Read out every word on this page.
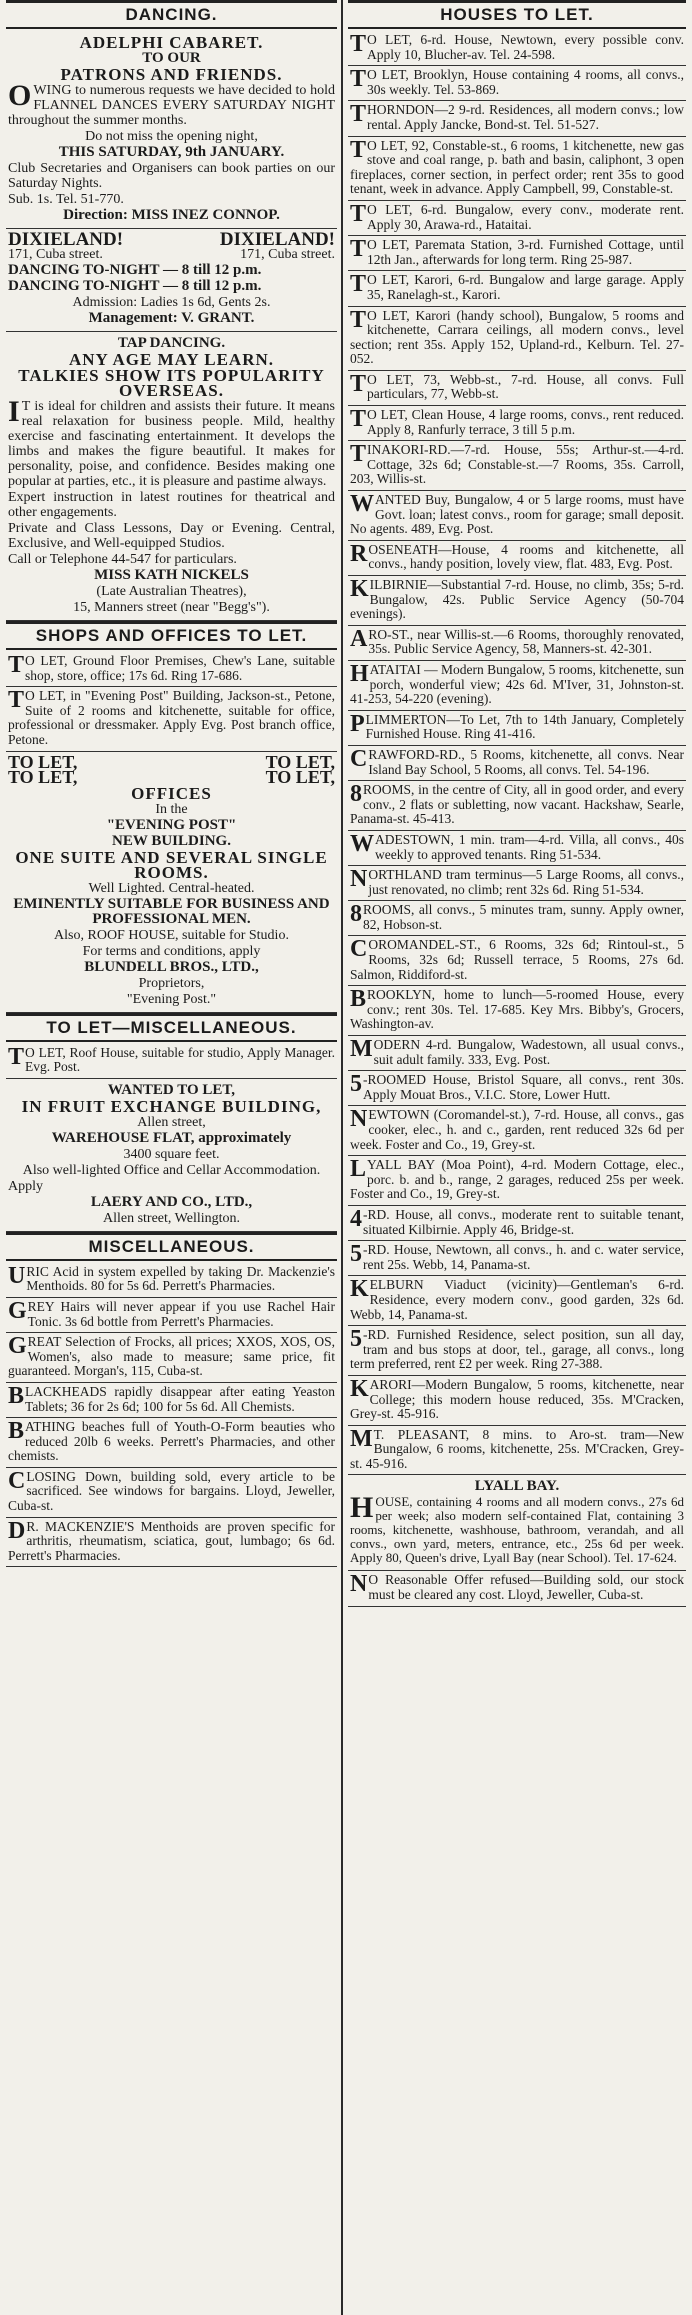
DANCING.

ADELPHI CABARET.

TO OUR

PATRONS AND FRIENDS.

OWING to numerous requests we have decided to hold FLANNEL DANCES EVERY SATURDAY NIGHT throughout the summer months.

Do not miss the opening night,

THIS SATURDAY, 9th JANUARY.

Club Secretaries and Organisers can book parties on our Saturday Nights.

Sub. 1s. Tel. 51-770.

Direction: MISS INEZ CONNOP.

DIXIELAND!	DIXIELAND!
171, Cuba street.	171, Cuba street.

DANCING TO-NIGHT — 8 till 12 p.m.

DANCING TO-NIGHT — 8 till 12 p.m.

Admission: Ladies 1s 6d, Gents 2s.

Management: V. GRANT.

TAP DANCING.

ANY AGE MAY LEARN.

TALKIES SHOW ITS POPULARITY OVERSEAS.

IT is ideal for children and assists their future. It means real relaxation for business people. Mild, healthy exercise and fascinating entertainment. It develops the limbs and makes the figure beautiful. It makes for personality, poise, and confidence. Besides making one popular at parties, etc., it is pleasure and pastime always.

Expert instruction in latest routines for theatrical and other engagements.

Private and Class Lessons, Day or Evening. Central, Exclusive, and Well-equipped Studios.

Call or Telephone 44-547 for particulars.

MISS KATH NICKELS

(Late Australian Theatres),

15, Manners street (near "Begg's").

SHOPS AND OFFICES TO LET.
TO LET, Ground Floor Premises, Chew's Lane, suitable shop, store, office; 17s 6d. Ring 17-686.
TO LET, in "Evening Post" Building, Jackson-st., Petone, Suite of 2 rooms and kitchenette, suitable for office, professional or dressmaker. Apply Evg. Post branch office, Petone.
TO LET,	TO LET,
TO LET,	TO LET,

OFFICES

In the

"EVENING POST"

NEW BUILDING.

ONE SUITE AND SEVERAL SINGLE ROOMS.

Well Lighted. Central-heated.

EMINENTLY SUITABLE FOR BUSINESS AND PROFESSIONAL MEN.

Also, ROOF HOUSE, suitable for Studio.

For terms and conditions, apply

BLUNDELL BROS., LTD.,

Proprietors,

"Evening Post."

TO LET—MISCELLANEOUS.
TO LET, Roof House, suitable for studio, Apply Manager. Evg. Post.

WANTED TO LET,

IN FRUIT EXCHANGE BUILDING,

Allen street,

WAREHOUSE FLAT, approximately

3400 square feet.

Also well-lighted Office and Cellar Accommodation.

Apply

LAERY AND CO., LTD.,

Allen street, Wellington.

MISCELLANEOUS.
URIC Acid in system expelled by taking Dr. Mackenzie's Menthoids. 80 for 5s 6d. Perrett's Pharmacies.
GREY Hairs will never appear if you use Rachel Hair Tonic. 3s 6d bottle from Perrett's Pharmacies.
GREAT Selection of Frocks, all prices; XXOS, XOS, OS, Women's, also made to measure; same price, fit guaranteed. Morgan's, 115, Cuba-st.
BLACKHEADS rapidly disappear after eating Yeaston Tablets; 36 for 2s 6d; 100 for 5s 6d. All Chemists.
BATHING beaches full of Youth-O-Form beauties who reduced 20lb 6 weeks. Perrett's Pharmacies, and other chemists.
CLOSING Down, building sold, every article to be sacrificed. See windows for bargains. Lloyd, Jeweller, Cuba-st.
DR. MACKENZIE'S Menthoids are proven specific for arthritis, rheumatism, sciatica, gout, lumbago; 6s 6d. Perrett's Pharmacies.
HOUSES TO LET.
TO LET, 6-rd. House, Newtown, every possible conv. Apply 10, Blucher-av. Tel. 24-598.
TO LET, Brooklyn, House containing 4 rooms, all convs., 30s weekly. Tel. 53-869.
THORNDON—2 9-rd. Residences, all modern convs.; low rental. Apply Jancke, Bond-st. Tel. 51-527.
TO LET, 92, Constable-st., 6 rooms, 1 kitchenette, new gas stove and coal range, p. bath and basin, caliphont, 3 open fireplaces, corner section, in perfect order; rent 35s to good tenant, week in advance. Apply Campbell, 99, Constable-st.
TO LET, 6-rd. Bungalow, every conv., moderate rent. Apply 30, Arawa-rd., Hataitai.
TO LET, Paremata Station, 3-rd. Furnished Cottage, until 12th Jan., afterwards for long term. Ring 25-987.
TO LET, Karori, 6-rd. Bungalow and large garage. Apply 35, Ranelagh-st., Karori.
TO LET, Karori (handy school), Bungalow, 5 rooms and kitchenette, Carrara ceilings, all modern convs., level section; rent 35s. Apply 152, Upland-rd., Kelburn. Tel. 27-052.
TO LET, 73, Webb-st., 7-rd. House, all convs. Full particulars, 77, Webb-st.
TO LET, Clean House, 4 large rooms, convs., rent reduced. Apply 8, Ranfurly terrace, 3 till 5 p.m.
TINAKORI-RD.—7-rd. House, 55s; Arthur-st.—4-rd. Cottage, 32s 6d; Constable-st.—7 Rooms, 35s. Carroll, 203, Willis-st.
WANTED Buy, Bungalow, 4 or 5 large rooms, must have Govt. loan; latest convs., room for garage; small deposit. No agents. 489, Evg. Post.
ROSENEATH—House, 4 rooms and kitchenette, all convs., handy position, lovely view, flat. 483, Evg. Post.
KILBIRNIE—Substantial 7-rd. House, no climb, 35s; 5-rd. Bungalow, 42s. Public Service Agency (50-704 evenings).
ARO-ST., near Willis-st.—6 Rooms, thoroughly renovated, 35s. Public Service Agency, 58, Manners-st. 42-301.
HATAITAI — Modern Bungalow, 5 rooms, kitchenette, sun porch, wonderful view; 42s 6d. M'Iver, 31, Johnston-st. 41-253, 54-220 (evening).
PLIMMERTON—To Let, 7th to 14th January, Completely Furnished House. Ring 41-416.
CRAWFORD-RD., 5 Rooms, kitchenette, all convs. Near Island Bay School, 5 Rooms, all convs. Tel. 54-196.
8ROOMS, in the centre of City, all in good order, and every conv., 2 flats or subletting, now vacant. Hackshaw, Searle, Panama-st. 45-413.
WADESTOWN, 1 min. tram—4-rd. Villa, all convs., 40s weekly to approved tenants. Ring 51-534.
NORTHLAND tram terminus—5 Large Rooms, all convs., just renovated, no climb; rent 32s 6d. Ring 51-534.
8ROOMS, all convs., 5 minutes tram, sunny. Apply owner, 82, Hobson-st.
COROMANDEL-ST., 6 Rooms, 32s 6d; Rintoul-st., 5 Rooms, 32s 6d; Russell terrace, 5 Rooms, 27s 6d. Salmon, Riddiford-st.
BROOKLYN, home to lunch—5-roomed House, every conv.; rent 30s. Tel. 17-685. Key Mrs. Bibby's, Grocers, Washington-av.
MODERN 4-rd. Bungalow, Wadestown, all usual convs., suit adult family. 333, Evg. Post.
5-ROOMED House, Bristol Square, all convs., rent 30s. Apply Mouat Bros., V.I.C. Store, Lower Hutt.
NEWTOWN (Coromandel-st.), 7-rd. House, all convs., gas cooker, elec., h. and c., garden, rent reduced 32s 6d per week. Foster and Co., 19, Grey-st.
LYALL BAY (Moa Point), 4-rd. Modern Cottage, elec., porc. b. and b., range, 2 garages, reduced 25s per week. Foster and Co., 19, Grey-st.
4-RD. House, all convs., moderate rent to suitable tenant, situated Kilbirnie. Apply 46, Bridge-st.
5-RD. House, Newtown, all convs., h. and c. water service, rent 25s. Webb, 14, Panama-st.
KELBURN Viaduct (vicinity)—Gentleman's 6-rd. Residence, every modern conv., good garden, 32s 6d. Webb, 14, Panama-st.
5-RD. Furnished Residence, select position, sun all day, tram and bus stops at door, tel., garage, all convs., long term preferred, rent £2 per week. Ring 27-388.
KARORI—Modern Bungalow, 5 rooms, kitchenette, near College; this modern house reduced, 35s. M'Cracken, Grey-st. 45-916.
MT. PLEASANT, 8 mins. to Aro-st. tram—New Bungalow, 6 rooms, kitchenette, 25s. M'Cracken, Grey-st. 45-916.

LYALL BAY.

HOUSE, containing 4 rooms and all modern convs., 27s 6d per week; also modern self-contained Flat, containing 3 rooms, kitchenette, washhouse, bathroom, verandah, and all convs., own yard, meters, entrance, etc., 25s 6d per week. Apply 80, Queen's drive, Lyall Bay (near School). Tel. 17-624.

NO Reasonable Offer refused—Building sold, our stock must be cleared any cost. Lloyd, Jeweller, Cuba-st.
